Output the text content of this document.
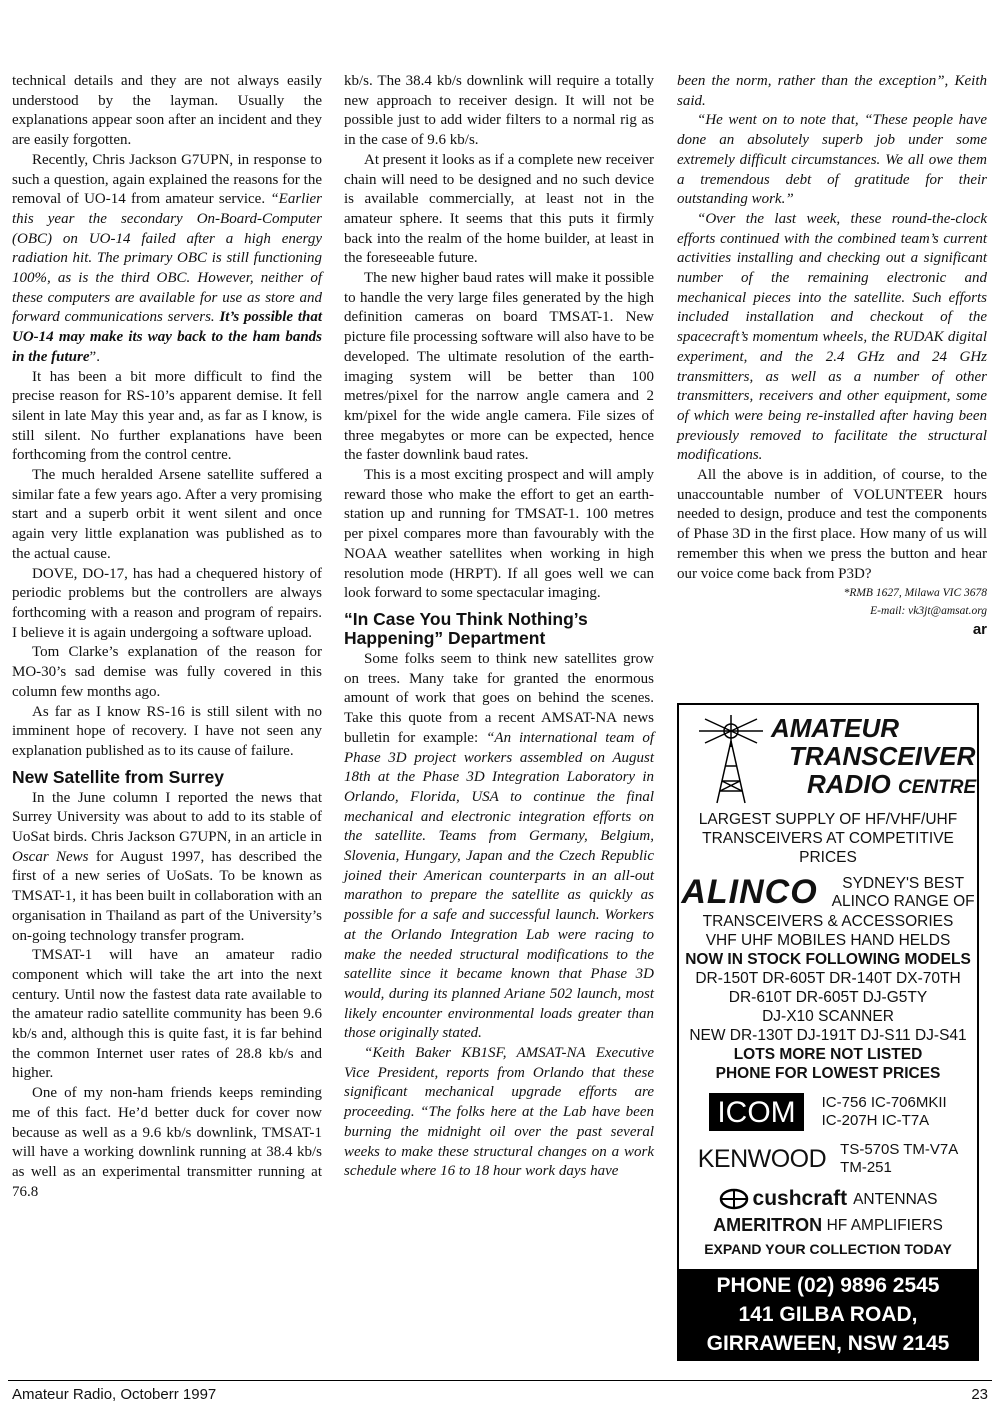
technical details and they are not always easily understood by the layman. Usually the explanations appear soon after an incident and they are easily forgotten.

Recently, Chris Jackson G7UPN, in response to such a question, again explained the reasons for the removal of UO-14 from amateur service. “Earlier this year the secondary On-Board-Computer (OBC) on UO-14 failed after a high energy radiation hit. The primary OBC is still functioning 100%, as is the third OBC. However, neither of these computers are available for use as store and forward communications servers. It’s possible that UO-14 may make its way back to the ham bands in the future”.

It has been a bit more difficult to find the precise reason for RS-10’s apparent demise. It fell silent in late May this year and, as far as I know, is still silent. No further explanations have been forthcoming from the control centre.

The much heralded Arsene satellite suffered a similar fate a few years ago. After a very promising start and a superb orbit it went silent and once again very little explanation was published as to the actual cause.

DOVE, DO-17, has had a chequered history of periodic problems but the controllers are always forthcoming with a reason and program of repairs. I believe it is again undergoing a software upload.

Tom Clarke’s explanation of the reason for MO-30’s sad demise was fully covered in this column few months ago.

As far as I know RS-16 is still silent with no imminent hope of recovery. I have not seen any explanation published as to its cause of failure.

New Satellite from Surrey

In the June column I reported the news that Surrey University was about to add to its stable of UoSat birds. Chris Jackson G7UPN, in an article in Oscar News for August 1997, has described the first of a new series of UoSats. To be known as TMSAT-1, it has been built in collaboration with an organisation in Thailand as part of the University’s on-going technology transfer program.

TMSAT-1 will have an amateur radio component which will take the art into the next century. Until now the fastest data rate available to the amateur radio satellite community has been 9.6 kb/s and, although this is quite fast, it is far behind the common Internet user rates of 28.8 kb/s and higher.

One of my non-ham friends keeps reminding me of this fact. He’d better duck for cover now because as well as a 9.6 kb/s downlink, TMSAT-1 will have a working downlink running at 38.4 kb/s as well as an experimental transmitter running at 76.8

kb/s. The 38.4 kb/s downlink will require a totally new approach to receiver design. It will not be possible just to add wider filters to a normal rig as in the case of 9.6 kb/s.

At present it looks as if a complete new receiver chain will need to be designed and no such device is available commercially, at least not in the amateur sphere. It seems that this puts it firmly back into the realm of the home builder, at least in the foreseeable future.

The new higher baud rates will make it possible to handle the very large files generated by the high definition cameras on board TMSAT-1. New picture file processing software will also have to be developed. The ultimate resolution of the earth-imaging system will be better than 100 metres/pixel for the narrow angle camera and 2 km/pixel for the wide angle camera. File sizes of three megabytes or more can be expected, hence the faster downlink baud rates.

This is a most exciting prospect and will amply reward those who make the effort to get an earth-station up and running for TMSAT-1. 100 metres per pixel compares more than favourably with the NOAA weather satellites when working in high resolution mode (HRPT). If all goes well we can look forward to some spectacular imaging.

“In Case You Think Nothing’s Happening” Department

Some folks seem to think new satellites grow on trees. Many take for granted the enormous amount of work that goes on behind the scenes. Take this quote from a recent AMSAT-NA news bulletin for example: “An international team of Phase 3D project workers assembled on August 18th at the Phase 3D Integration Laboratory in Orlando, Florida, USA to continue the final mechanical and electronic integration efforts on the satellite. Teams from Germany, Belgium, Slovenia, Hungary, Japan and the Czech Republic joined their American counterparts in an all-out marathon to prepare the satellite as quickly as possible for a safe and successful launch. Workers at the Orlando Integration Lab were racing to make the needed structural modifications to the satellite since it became known that Phase 3D would, during its planned Ariane 502 launch, most likely encounter environmental loads greater than those originally stated.

“Keith Baker KB1SF, AMSAT-NA Executive Vice President, reports from Orlando that these significant mechanical upgrade efforts are proceeding. “The folks here at the Lab have been burning the midnight oil over the past several weeks to make these structural changes on a work schedule where 16 to 18 hour work days have

been the norm, rather than the exception”, Keith said.

“He went on to note that, “These people have done an absolutely superb job under some extremely difficult circumstances. We all owe them a tremendous debt of gratitude for their outstanding work.”

“Over the last week, these round-the-clock efforts continued with the combined team’s current activities installing and checking out a significant number of the remaining electronic and mechanical pieces into the satellite. Such efforts included installation and checkout of the spacecraft’s momentum wheels, the RUDAK digital experiment, and the 2.4 GHz and 24 GHz transmitters, as well as a number of other transmitters, receivers and other equipment, some of which were being re-installed after having been previously removed to facilitate the structural modifications.

All the above is in addition, of course, to the unaccountable number of VOLUNTEER hours needed to design, produce and test the components of Phase 3D in the first place. How many of us will remember this when we press the button and hear our voice come back from P3D?

*RMB 1627, Milawa VIC 3678
E-mail: vk3jt@amsat.org
ar
AMATEUR
TRANSCEIVER
RADIO CENTRE
LARGEST SUPPLY OF HF/VHF/UHF
TRANSCEIVERS AT COMPETITIVE
PRICES
ALINCO	SYDNEY'S BEST
ALINCO RANGE OF
TRANSCEIVERS & ACCESSORIES
VHF UHF MOBILES HAND HELDS
NOW IN STOCK FOLLOWING MODELS
DR-150T DR-605T DR-140T DX-70TH
DR-610T DR-605T DJ-G5TY
DJ-X10 SCANNER
NEW DR-130T DJ-191T DJ-S11 DJ-S41
LOTS MORE NOT LISTED
PHONE FOR LOWEST PRICES
ICOM	IC-756 IC-706MKII
IC-207H IC-T7A
KENWOOD TS-570S TM-V7A
TM-251
cushcraft ANTENNAS
AMERITRON
HF AMPLIFIERS
EXPAND YOUR COLLECTION TODAY
PHONE (02) 9896 2545
141 GILBA ROAD,
GIRRAWEEN, NSW 2145
Amateur Radio, Octoberr 1997	23
